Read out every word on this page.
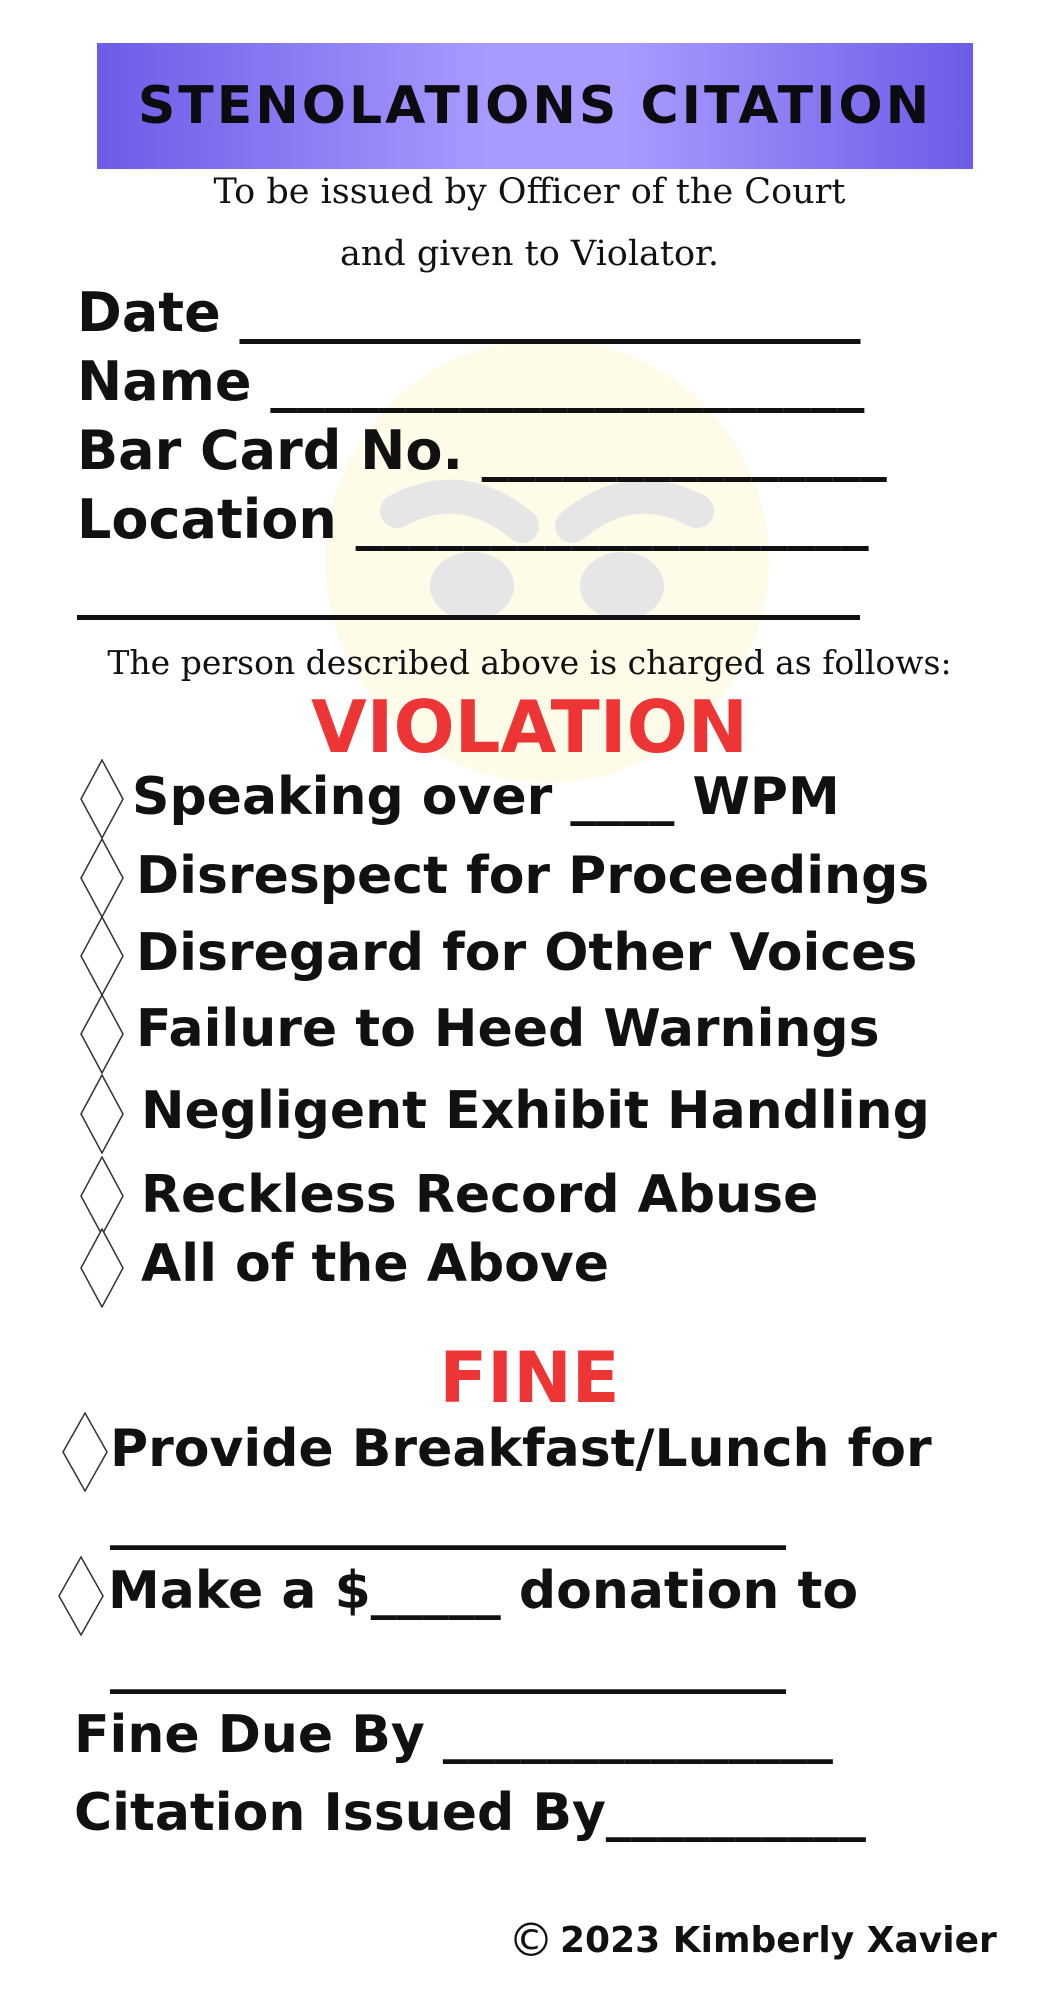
STENOLATIONS CITATION
To be issued by Officer of the Court
and given to Violator.
Date _______________________
Name ______________________
Bar Card No. _______________
Location ___________________
_____________________________
The person described above is charged as follows:
VIOLATION
Speaking over ____ WPM
Disrespect for Proceedings
Disregard for Other Voices
Failure to Heed Warnings
Negligent Exhibit Handling
Reckless Record Abuse
All of the Above
FINE
Provide Breakfast/Lunch for
__________________________
Make a $_____ donation to
__________________________
Fine Due By _______________
Citation Issued By__________
© 2023 Kimberly Xavier
